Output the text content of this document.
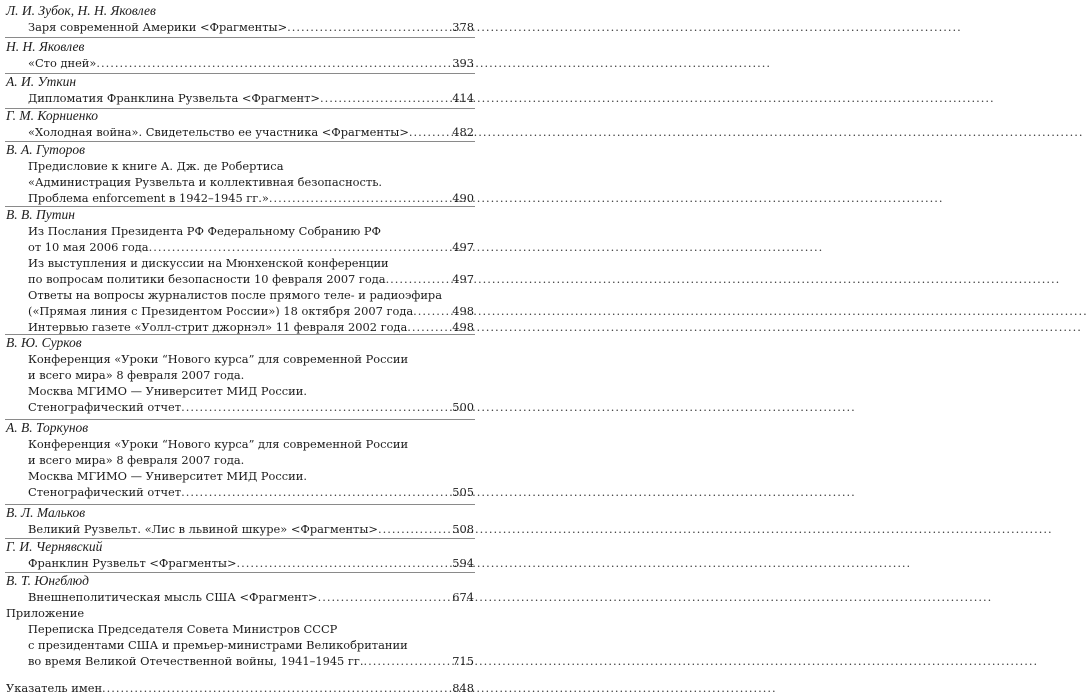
Л. И. Зубок, Н. Н. Яковлев
Заря современной Америки <Фрагменты> .....	378
Н. Н. Яковлев
«Сто дней» .....	393
А. И. Уткин
Дипломатия Франклина Рузвельта <Фрагмент> .....	414
Г. М. Корниенко
«Холодная война». Свидетельство ее участника <Фрагменты> .....	482
В. А. Гуторов
Предисловие к книге А. Дж. де Робертиса
«Администрация Рузвельта и коллективная безопасность.
Проблема enforcement в 1942–1945 гг.» .....	490
В. В. Путин
Из Послания Президента РФ Федеральному Собранию РФ
от 10 мая 2006 года .....	497
Из выступления и дискуссии на Мюнхенской конференции
по вопросам политики безопасности 10 февраля 2007 года .....	497
Ответы на вопросы журналистов после прямого теле- и радиоэфира
(«Прямая линия с Президентом России») 18 октября 2007 года .....	498
Интервью газете «Уолл-стрит джорнэл» 11 февраля 2002 года .....	498
В. Ю. Сурков
Конференция «Уроки “Нового курса” для современной России
и всего мира» 8 февраля 2007 года.
Москва МГИМО — Университет МИД России.
Стенографический отчет .....	500
А. В. Торкунов
Конференция «Уроки “Нового курса” для современной России
и всего мира» 8 февраля 2007 года.
Москва МГИМО — Университет МИД России.
Стенографический отчет .....	505
В. Л. Мальков
Великий Рузвельт. «Лис в львиной шкуре» <Фрагменты> .....	508
Г. И. Чернявский
Франклин Рузвельт <Фрагменты> .....	594
В. Т. Юнгблюд
Внешнеполитическая мысль США <Фрагмент> .....	674
Приложение
Переписка Председателя Совета Министров СССР
с президентами США и премьер-министрами Великобритании
во время Великой Отечественной войны, 1941–1945 гг. .....	715
Указатель имен .....	848
